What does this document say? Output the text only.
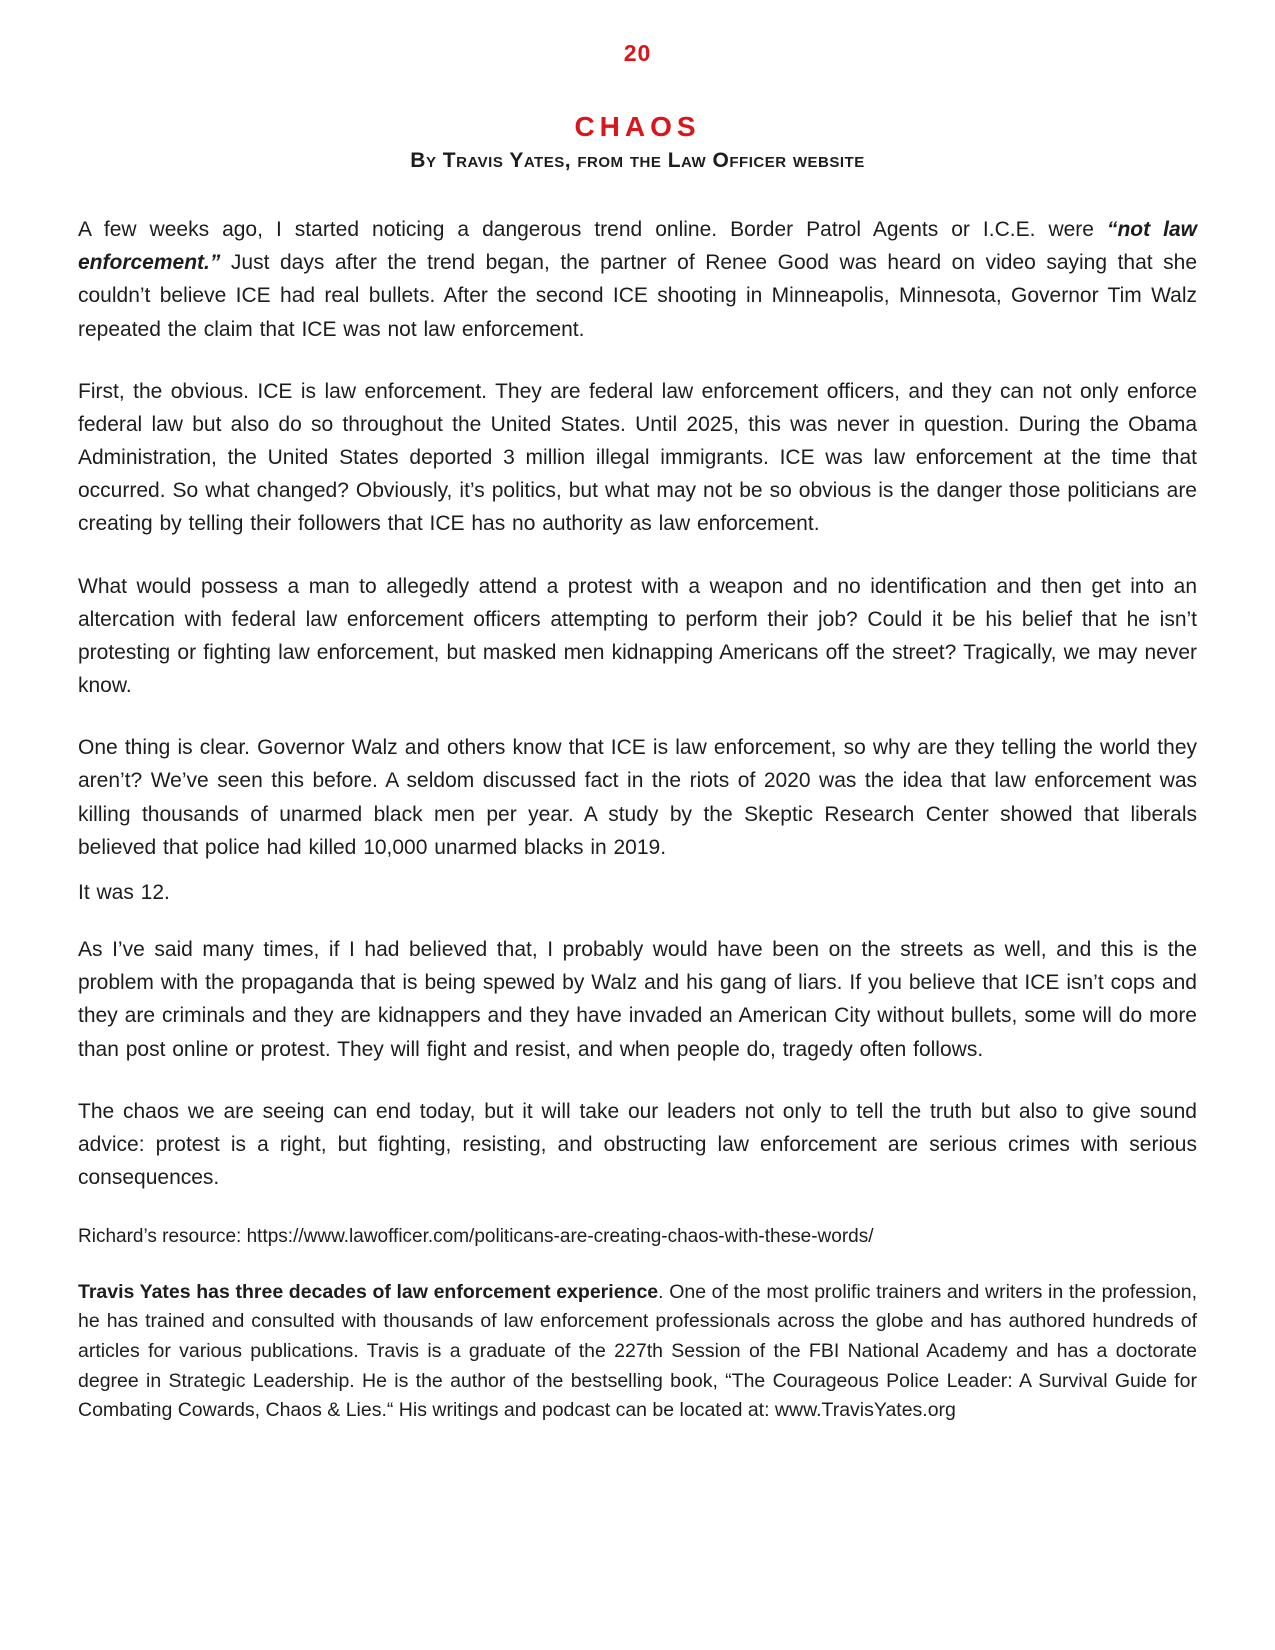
20
CHAOS
By Travis Yates, from the Law Officer website

A few weeks ago, I started noticing a dangerous trend online. Border Patrol Agents or I.C.E. were “not law enforcement.” Just days after the trend began, the partner of Renee Good was heard on video saying that she couldn’t believe ICE had real bullets. After the second ICE shooting in Minneapolis, Minnesota, Governor Tim Walz repeated the claim that ICE was not law enforcement.

First, the obvious. ICE is law enforcement. They are federal law enforcement officers, and they can not only enforce federal law but also do so throughout the United States. Until 2025, this was never in question. During the Obama Administration, the United States deported 3 million illegal immigrants. ICE was law enforcement at the time that occurred. So what changed? Obviously, it’s politics, but what may not be so obvious is the danger those politicians are creating by telling their followers that ICE has no authority as law enforcement.

What would possess a man to allegedly attend a protest with a weapon and no identification and then get into an altercation with federal law enforcement officers attempting to perform their job? Could it be his belief that he isn’t protesting or fighting law enforcement, but masked men kidnapping Americans off the street? Tragically, we may never know.

One thing is clear. Governor Walz and others know that ICE is law enforcement, so why are they telling the world they aren’t? We’ve seen this before. A seldom discussed fact in the riots of 2020 was the idea that law enforcement was killing thousands of unarmed black men per year. A study by the Skeptic Research Center showed that liberals believed that police had killed 10,000 unarmed blacks in 2019.

It was 12.

As I’ve said many times, if I had believed that, I probably would have been on the streets as well, and this is the problem with the propaganda that is being spewed by Walz and his gang of liars. If you believe that ICE isn’t cops and they are criminals and they are kidnappers and they have invaded an American City without bullets, some will do more than post online or protest. They will fight and resist, and when people do, tragedy often follows.

The chaos we are seeing can end today, but it will take our leaders not only to tell the truth but also to give sound advice: protest is a right, but fighting, resisting, and obstructing law enforcement are serious crimes with serious consequences.

Richard’s resource: https://www.lawofficer.com/politicans-are-creating-chaos-with-these-words/

Travis Yates has three decades of law enforcement experience. One of the most prolific trainers and writers in the profession, he has trained and consulted with thousands of law enforcement professionals across the globe and has authored hundreds of articles for various publications. Travis is a graduate of the 227th Session of the FBI National Academy and has a doctorate degree in Strategic Leadership. He is the author of the bestselling book, “The Courageous Police Leader: A Survival Guide for Combating Cowards, Chaos & Lies.“ His writings and podcast can be located at: www.TravisYates.org
